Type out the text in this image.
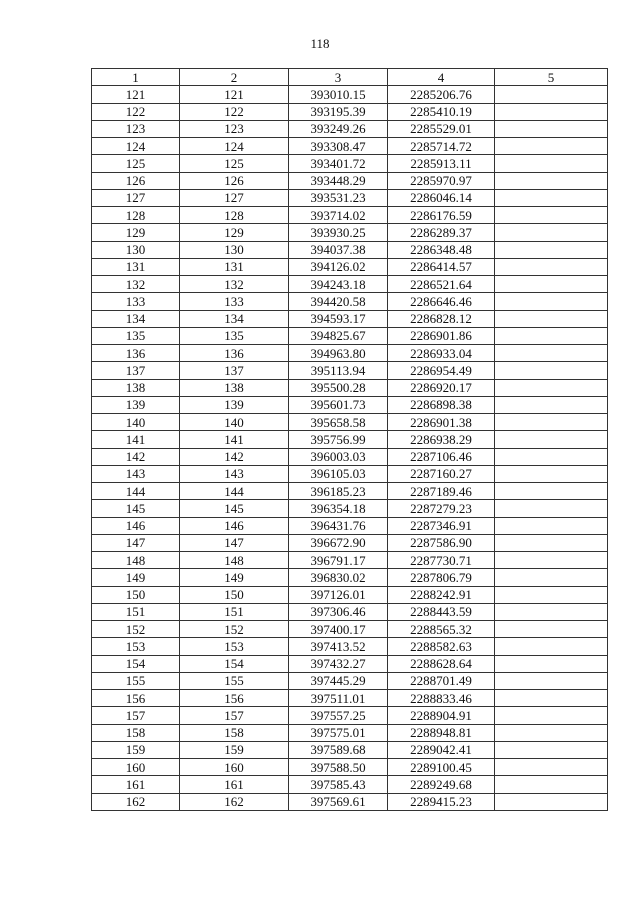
118
1	2	3	4	5
121	121	393010.15	2285206.76	
122	122	393195.39	2285410.19	
123	123	393249.26	2285529.01	
124	124	393308.47	2285714.72	
125	125	393401.72	2285913.11	
126	126	393448.29	2285970.97	
127	127	393531.23	2286046.14	
128	128	393714.02	2286176.59	
129	129	393930.25	2286289.37	
130	130	394037.38	2286348.48	
131	131	394126.02	2286414.57	
132	132	394243.18	2286521.64	
133	133	394420.58	2286646.46	
134	134	394593.17	2286828.12	
135	135	394825.67	2286901.86	
136	136	394963.80	2286933.04	
137	137	395113.94	2286954.49	
138	138	395500.28	2286920.17	
139	139	395601.73	2286898.38	
140	140	395658.58	2286901.38	
141	141	395756.99	2286938.29	
142	142	396003.03	2287106.46	
143	143	396105.03	2287160.27	
144	144	396185.23	2287189.46	
145	145	396354.18	2287279.23	
146	146	396431.76	2287346.91	
147	147	396672.90	2287586.90	
148	148	396791.17	2287730.71	
149	149	396830.02	2287806.79	
150	150	397126.01	2288242.91	
151	151	397306.46	2288443.59	
152	152	397400.17	2288565.32	
153	153	397413.52	2288582.63	
154	154	397432.27	2288628.64	
155	155	397445.29	2288701.49	
156	156	397511.01	2288833.46	
157	157	397557.25	2288904.91	
158	158	397575.01	2288948.81	
159	159	397589.68	2289042.41	
160	160	397588.50	2289100.45	
161	161	397585.43	2289249.68	
162	162	397569.61	2289415.23	
